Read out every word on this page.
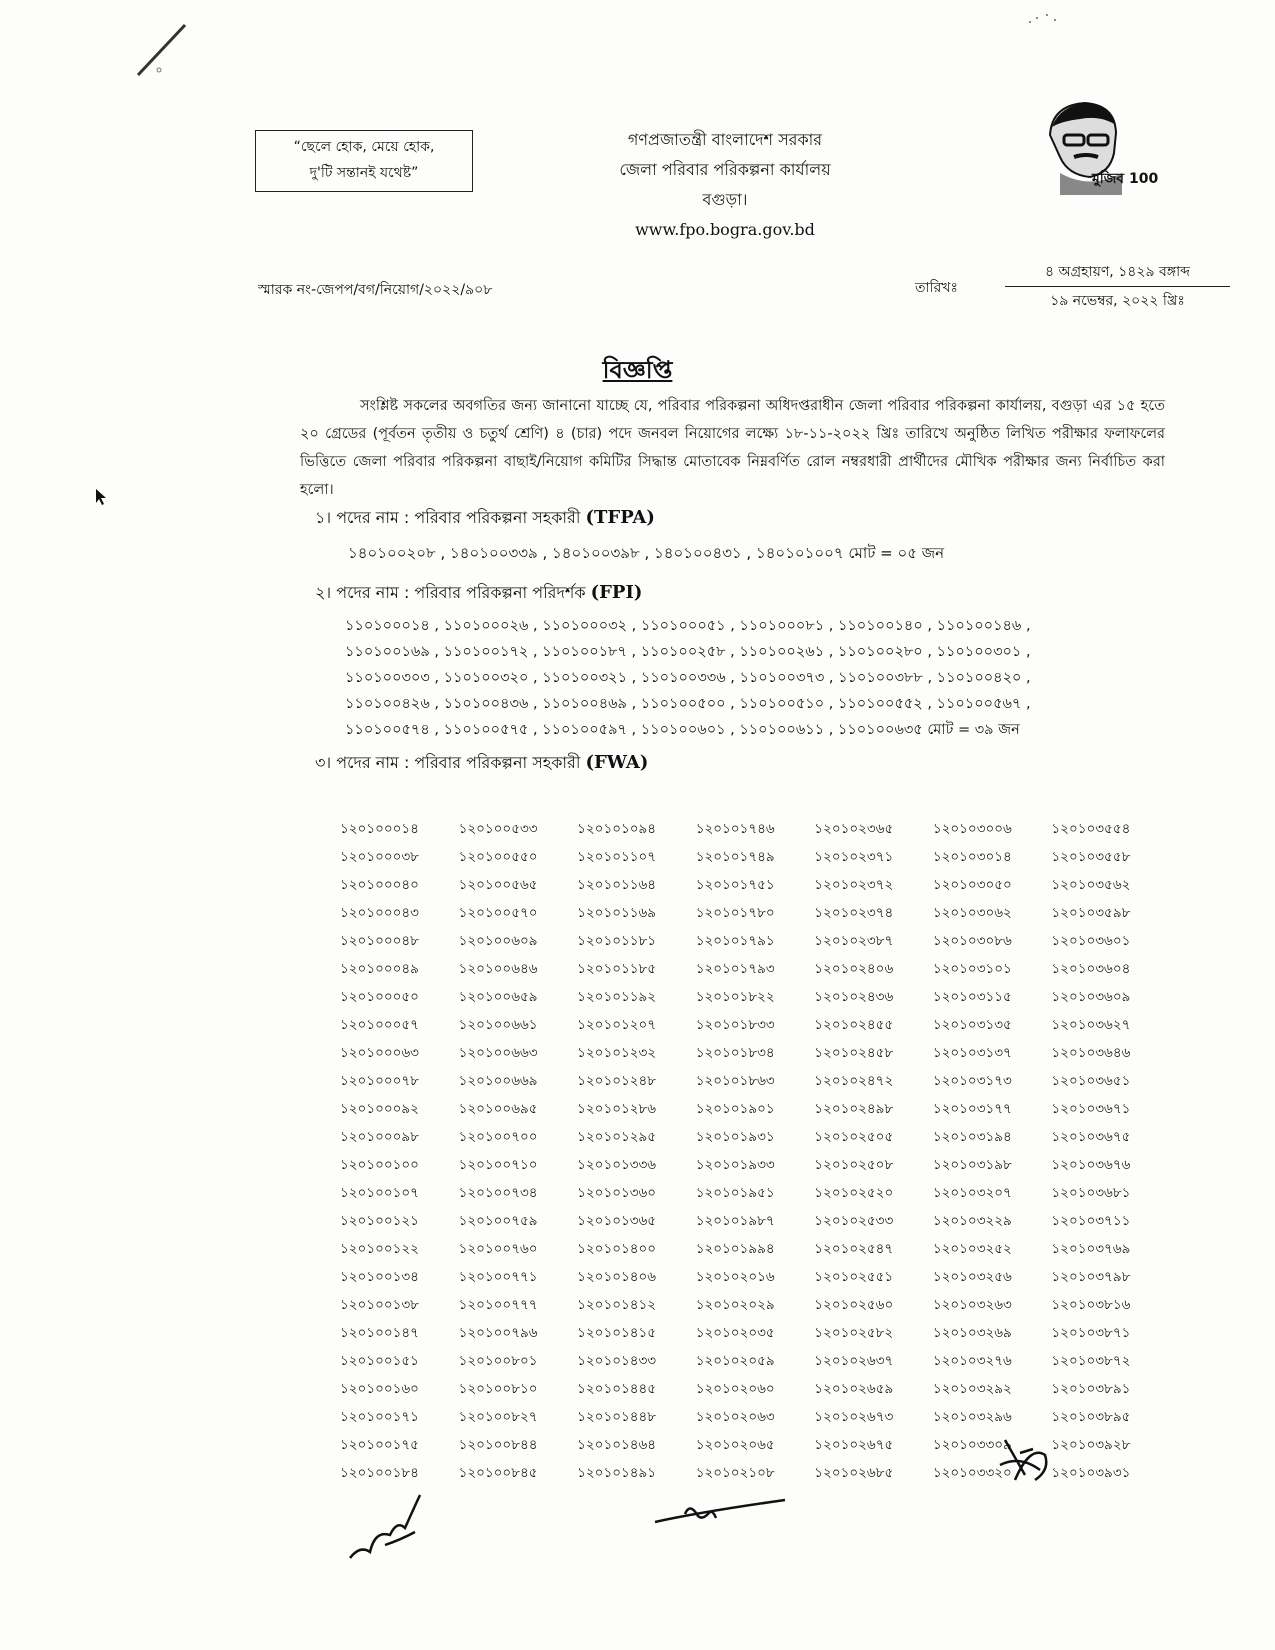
“ছেলে হোক, মেয়ে হোক,
দু'টি সন্তানই যথেষ্ট”
গণপ্রজাতন্ত্রী বাংলাদেশ সরকার
জেলা পরিবার পরিকল্পনা কার্যালয়
বগুড়া।
www.fpo.bogra.gov.bd
মুজিব 100
স্মারক নং-জেপপ/বগ/নিয়োগ/২০২২/৯০৮	তারিখঃ
৪ অগ্রহায়ণ, ১৪২৯ বঙ্গাব্দ
১৯ নভেম্বর, ২০২২ খ্রিঃ
বিজ্ঞপ্তি
সংশ্লিষ্ট সকলের অবগতির জন্য জানানো যাচ্ছে যে, পরিবার পরিকল্পনা অধিদপ্তরাধীন জেলা পরিবার পরিকল্পনা কার্যালয়, বগুড়া এর ১৫ হতে ২০ গ্রেডের (পূর্বতন তৃতীয় ও চতুর্থ শ্রেণি) ৪ (চার) পদে জনবল নিয়োগের লক্ষ্যে ১৮-১১-২০২২ খ্রিঃ তারিখে অনুষ্ঠিত লিখিত পরীক্ষার ফলাফলের ভিত্তিতে জেলা পরিবার পরিকল্পনা বাছাই/নিয়োগ কমিটির সিদ্ধান্ত মোতাবেক নিম্নবর্ণিত রোল নম্বরধারী প্রার্থীদের মৌখিক পরীক্ষার জন্য নির্বাচিত করা হলো।
১। পদের নাম : পরিবার পরিকল্পনা সহকারী (TFPA)
১৪০১০০২০৮ , ১৪০১০০৩৩৯ , ১৪০১০০৩৯৮ , ১৪০১০০৪৩১ , ১৪০১০১০০৭ মোট = ০৫ জন
২। পদের নাম : পরিবার পরিকল্পনা পরিদর্শক (FPI)
১১০১০০০১৪ , ১১০১০০০২৬ , ১১০১০০০৩২ , ১১০১০০০৫১ , ১১০১০০০৮১ , ১১০১০০১৪০ , ১১০১০০১৪৬ ,
১১০১০০১৬৯ , ১১০১০০১৭২ , ১১০১০০১৮৭ , ১১০১০০২৫৮ , ১১০১০০২৬১ , ১১০১০০২৮০ , ১১০১০০৩০১ ,
১১০১০০৩০৩ , ১১০১০০৩২০ , ১১০১০০৩২১ , ১১০১০০৩৩৬ , ১১০১০০৩৭৩ , ১১০১০০৩৮৮ , ১১০১০০৪২০ ,
১১০১০০৪২৬ , ১১০১০০৪৩৬ , ১১০১০০৪৬৯ , ১১০১০০৫০০ , ১১০১০০৫১০ , ১১০১০০৫৫২ , ১১০১০০৫৬৭ ,
১১০১০০৫৭৪ , ১১০১০০৫৭৫ , ১১০১০০৫৯৭ , ১১০১০০৬০১ , ১১০১০০৬১১ , ১১০১০০৬৩৫ মোট = ৩৯ জন
৩। পদের নাম : পরিবার পরিকল্পনা সহকারী (FWA)
১২০১০০০১৪	১২০১০০৫৩৩	১২০১০১০৯৪	১২০১০১৭৪৬	১২০১০২৩৬৫	১২০১০৩০০৬	১২০১০৩৫৫৪
১২০১০০০৩৮	১২০১০০৫৫০	১২০১০১১০৭	১২০১০১৭৪৯	১২০১০২৩৭১	১২০১০৩০১৪	১২০১০৩৫৫৮
১২০১০০০৪০	১২০১০০৫৬৫	১২০১০১১৬৪	১২০১০১৭৫১	১২০১০২৩৭২	১২০১০৩০৫০	১২০১০৩৫৬২
১২০১০০০৪৩	১২০১০০৫৭০	১২০১০১১৬৯	১২০১০১৭৮০	১২০১০২৩৭৪	১২০১০৩০৬২	১২০১০৩৫৯৮
১২০১০০০৪৮	১২০১০০৬০৯	১২০১০১১৮১	১২০১০১৭৯১	১২০১০২৩৮৭	১২০১০৩০৮৬	১২০১০৩৬০১
১২০১০০০৪৯	১২০১০০৬৪৬	১২০১০১১৮৫	১২০১০১৭৯৩	১২০১০২৪০৬	১২০১০৩১০১	১২০১০৩৬০৪
১২০১০০০৫০	১২০১০০৬৫৯	১২০১০১১৯২	১২০১০১৮২২	১২০১০২৪৩৬	১২০১০৩১১৫	১২০১০৩৬০৯
১২০১০০০৫৭	১২০১০০৬৬১	১২০১০১২০৭	১২০১০১৮৩৩	১২০১০২৪৫৫	১২০১০৩১৩৫	১২০১০৩৬২৭
১২০১০০০৬৩	১২০১০০৬৬৩	১২০১০১২৩২	১২০১০১৮৩৪	১২০১০২৪৫৮	১২০১০৩১৩৭	১২০১০৩৬৪৬
১২০১০০০৭৮	১২০১০০৬৬৯	১২০১০১২৪৮	১২০১০১৮৬৩	১২০১০২৪৭২	১২০১০৩১৭৩	১২০১০৩৬৫১
১২০১০০০৯২	১২০১০০৬৯৫	১২০১০১২৮৬	১২০১০১৯০১	১২০১০২৪৯৮	১২০১০৩১৭৭	১২০১০৩৬৭১
১২০১০০০৯৮	১২০১০০৭০০	১২০১০১২৯৫	১২০১০১৯৩১	১২০১০২৫০৫	১২০১০৩১৯৪	১২০১০৩৬৭৫
১২০১০০১০০	১২০১০০৭১০	১২০১০১৩৩৬	১২০১০১৯৩৩	১২০১০২৫০৮	১২০১০৩১৯৮	১২০১০৩৬৭৬
১২০১০০১০৭	১২০১০০৭৩৪	১২০১০১৩৬০	১২০১০১৯৫১	১২০১০২৫২০	১২০১০৩২০৭	১২০১০৩৬৮১
১২০১০০১২১	১২০১০০৭৫৯	১২০১০১৩৬৫	১২০১০১৯৮৭	১২০১০২৫৩৩	১২০১০৩২২৯	১২০১০৩৭১১
১২০১০০১২২	১২০১০০৭৬০	১২০১০১৪০০	১২০১০১৯৯৪	১২০১০২৫৪৭	১২০১০৩২৫২	১২০১০৩৭৬৯
১২০১০০১৩৪	১২০১০০৭৭১	১২০১০১৪০৬	১২০১০২০১৬	১২০১০২৫৫১	১২০১০৩২৫৬	১২০১০৩৭৯৮
১২০১০০১৩৮	১২০১০০৭৭৭	১২০১০১৪১২	১২০১০২০২৯	১২০১০২৫৬০	১২০১০৩২৬৩	১২০১০৩৮১৬
১২০১০০১৪৭	১২০১০০৭৯৬	১২০১০১৪১৫	১২০১০২০৩৫	১২০১০২৫৮২	১২০১০৩২৬৯	১২০১০৩৮৭১
১২০১০০১৫১	১২০১০০৮০১	১২০১০১৪৩৩	১২০১০২০৫৯	১২০১০২৬৩৭	১২০১০৩২৭৬	১২০১০৩৮৭২
১২০১০০১৬০	১২০১০০৮১০	১২০১০১৪৪৫	১২০১০২০৬০	১২০১০২৬৫৯	১২০১০৩২৯২	১২০১০৩৮৯১
১২০১০০১৭১	১২০১০০৮২৭	১২০১০১৪৪৮	১২০১০২০৬৩	১২০১০২৬৭৩	১২০১০৩২৯৬	১২০১০৩৮৯৫
১২০১০০১৭৫	১২০১০০৮৪৪	১২০১০১৪৬৪	১২০১০২০৬৫	১২০১০২৬৭৫	১২০১০৩৩০৯	১২০১০৩৯২৮
১২০১০০১৮৪	১২০১০০৮৪৫	১২০১০১৪৯১	১২০১০২১০৮	১২০১০২৬৮৫	১২০১০৩৩২০	১২০১০৩৯৩১
